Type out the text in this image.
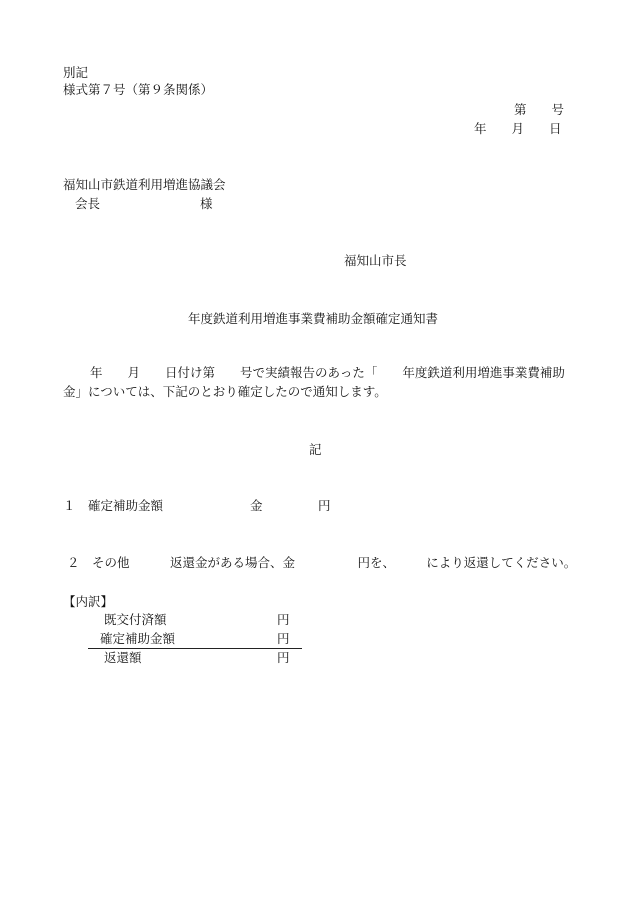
別記
様式第７号（第９条関係）
第　　号
年　　月　　日
福知山市鉄道利用増進協議会
会長　　　　　　　　様
福知山市長
年度鉄道利用増進事業費補助金額確定通知書
年　　月　　日付け第　　号で実績報告のあった「　　年度鉄道利用増進事業費補助
金」については、下記のとおり確定したので通知します。
記
１　確定補助金額	金	円
２　その他	返還金がある場合、金　　　　　円を、　　　により返還してください。
【内訳】
既交付済額	円
確定補助金額	円
返還額	円
